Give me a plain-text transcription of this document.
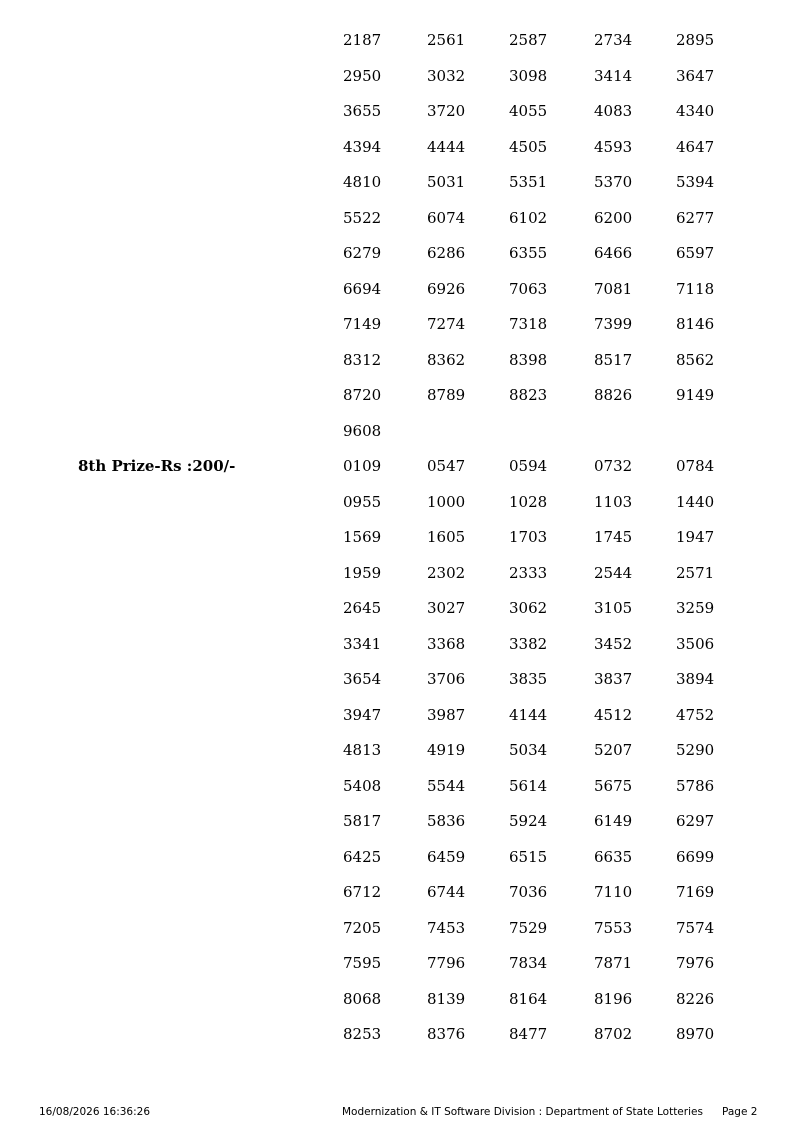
2187	2561	2587	2734	2895
2950	3032	3098	3414	3647
3655	3720	4055	4083	4340
4394	4444	4505	4593	4647
4810	5031	5351	5370	5394
5522	6074	6102	6200	6277
6279	6286	6355	6466	6597
6694	6926	7063	7081	7118
7149	7274	7318	7399	8146
8312	8362	8398	8517	8562
8720	8789	8823	8826	9149
9608
8th Prize-Rs :200/-	0109	0547	0594	0732	0784
0955	1000	1028	1103	1440
1569	1605	1703	1745	1947
1959	2302	2333	2544	2571
2645	3027	3062	3105	3259
3341	3368	3382	3452	3506
3654	3706	3835	3837	3894
3947	3987	4144	4512	4752
4813	4919	5034	5207	5290
5408	5544	5614	5675	5786
5817	5836	5924	6149	6297
6425	6459	6515	6635	6699
6712	6744	7036	7110	7169
7205	7453	7529	7553	7574
7595	7796	7834	7871	7976
8068	8139	8164	8196	8226
8253	8376	8477	8702	8970
16/08/2026 16:36:26	Modernization & IT Software Division : Department of State Lotteries Page 2
